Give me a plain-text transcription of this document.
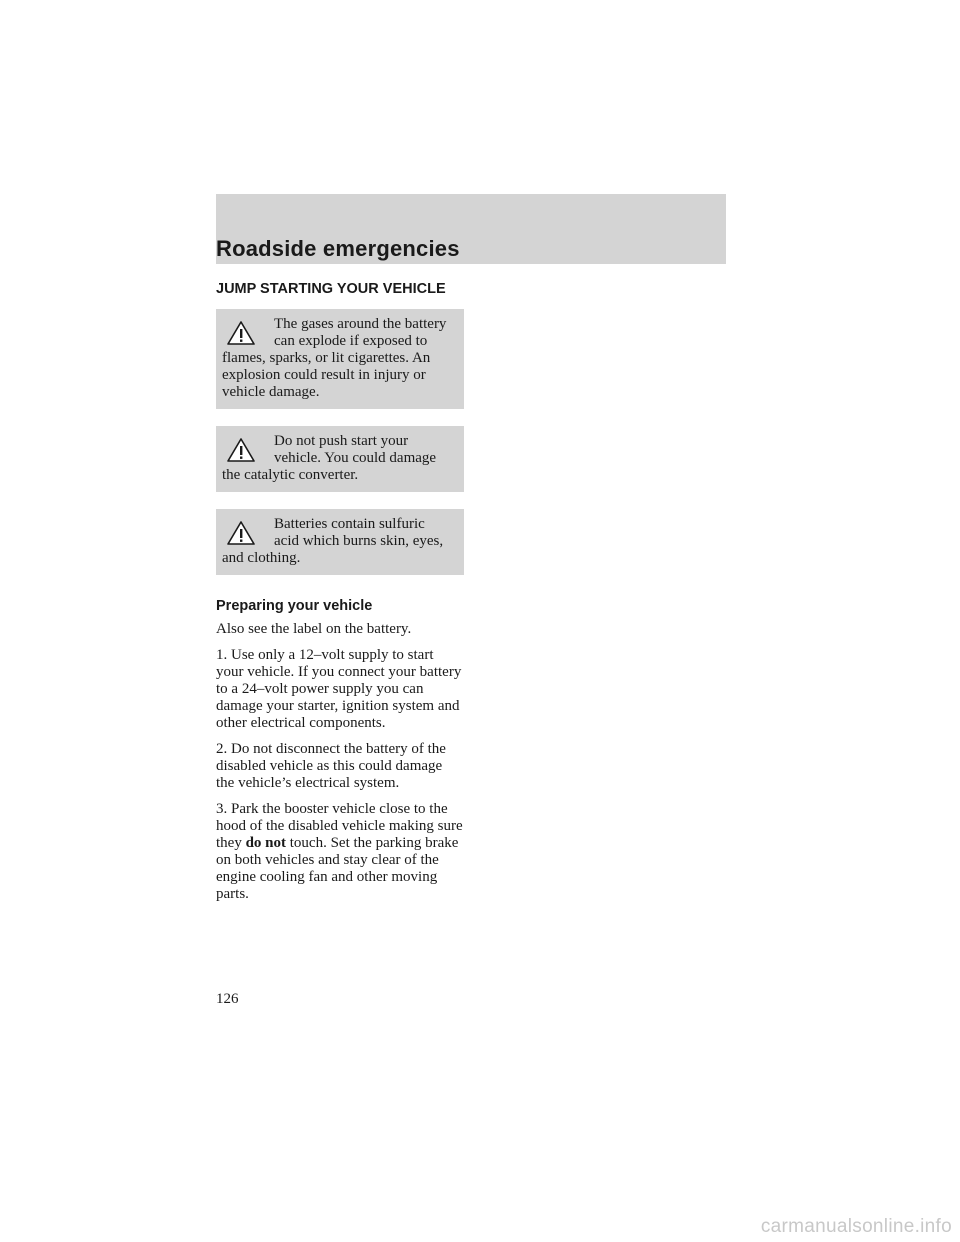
Roadside emergencies
JUMP STARTING YOUR VEHICLE
The gases around the battery can explode if exposed to flames, sparks, or lit cigarettes. An explosion could result in injury or vehicle damage.
Do not push start your vehicle. You could damage the catalytic converter.
Batteries contain sulfuric acid which burns skin, eyes, and clothing.
Preparing your vehicle

Also see the label on the battery.

1. Use only a 12–volt supply to start your vehicle. If you connect your battery to a 24–volt power supply you can damage your starter, ignition system and other electrical components.

2. Do not disconnect the battery of the disabled vehicle as this could damage the vehicle’s electrical system.

3. Park the booster vehicle close to the hood of the disabled vehicle making sure they do not touch. Set the parking brake on both vehicles and stay clear of the engine cooling fan and other moving parts.

126

carmanualsonline.info
